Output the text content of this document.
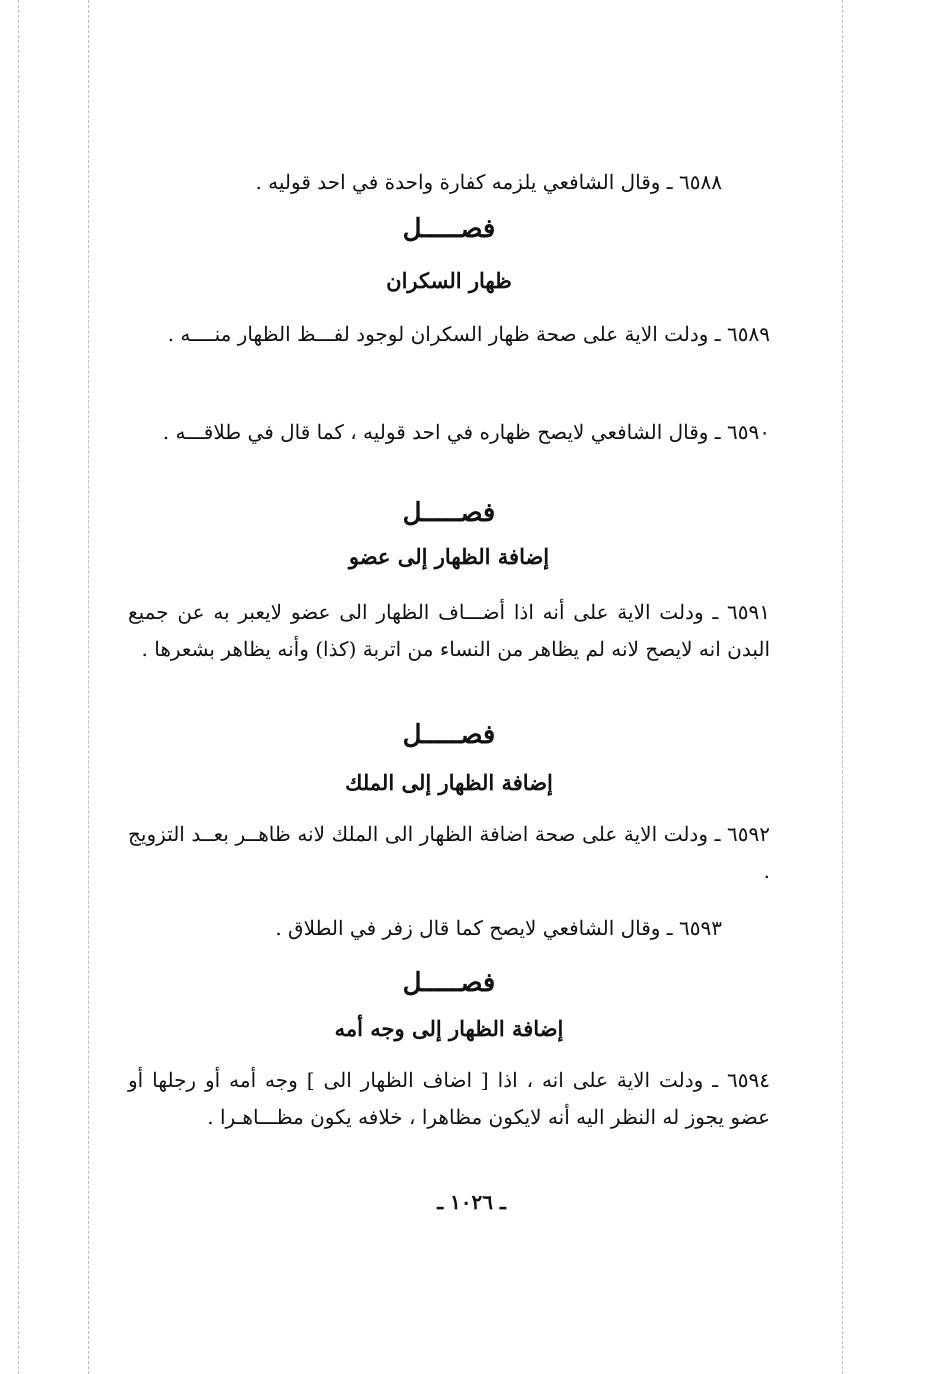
٦٥٨٨ ـ وقال الشافعي يلزمه كفارة واحدة في احد قوليه .

فصـــــل
ظهار السكران

٦٥٨٩ ـ ودلت الاية على صحة ظهار السكران لوجود لفـــظ الظهار منــــه .

٦٥٩٠ ـ وقال الشافعي لايصح ظهاره في احد قوليه ، كما قال في طلاقـــه .

فصـــــل
إضافة الظهار إلى عضو

٦٥٩١ ـ ودلت الاية على أنه اذا أضـــاف الظهار الى عضو لايعبر به عن جميع البدن انه لايصح لانه لم يظاهر من النساء من اتربة (كذا) وأنه يظاهر بشعرها .

فصـــــل
إضافة الظهار إلى الملك

٦٥٩٢ ـ ودلت الاية على صحة اضافة الظهار الى الملك لانه ظاهــر بعــد التزويج .

٦٥٩٣ ـ وقال الشافعي لايصح كما قال زفر في الطلاق .

فصـــــل
إضافة الظهار إلى وجه أمه

٦٥٩٤ ـ ودلت الاية على انه ، اذا [ اضاف الظهار الى ] وجه أمه أو رجلها أو عضو يجوز له النظر اليه أنه لايكون مظاهرا ، خلافه يكون مظـــاهـرا .

ـ ١٠٢٦ ـ
